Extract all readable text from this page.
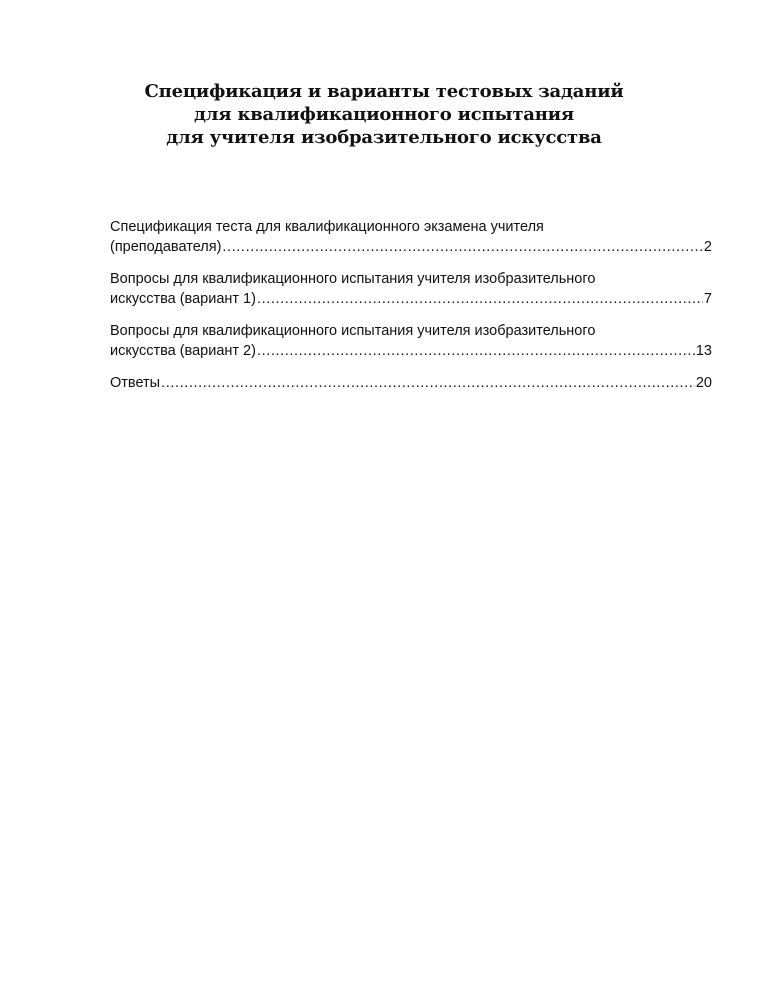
Спецификация и варианты тестовых заданий
для квалификационного испытания
для учителя изобразительного искусства
Спецификация теста для квалификационного экзамена учителя
(преподавателя) .....	2
Вопросы для квалификационного испытания учителя изобразительного
искусства (вариант 1) .....	7
Вопросы для квалификационного испытания учителя изобразительного
искусства (вариант 2) .....	13
Ответы .....	20
